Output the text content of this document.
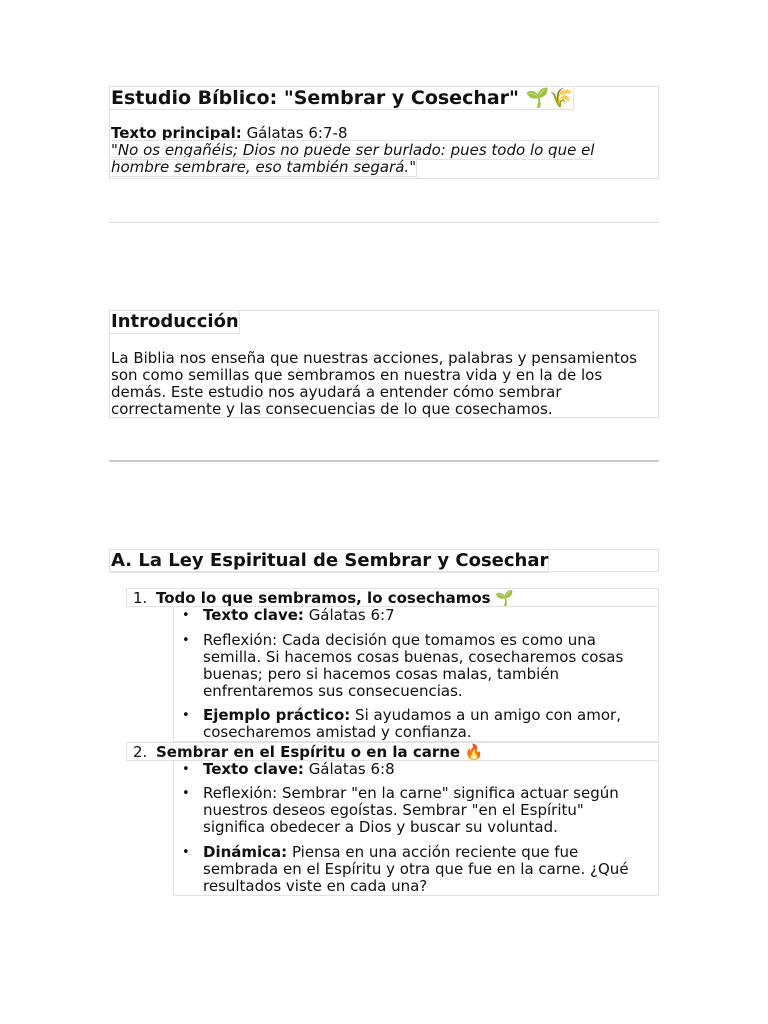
Estudio Bíblico: "Sembrar y Cosechar" 🌱🌾
Texto principal: Gálatas 6:7-8
"No os engañéis; Dios no puede ser burlado: pues todo lo que el hombre sembrare, eso también segará."
Introducción
La Biblia nos enseña que nuestras acciones, palabras y pensamientos son como semillas que sembramos en nuestra vida y en la de los demás. Este estudio nos ayudará a entender cómo sembrar correctamente y las consecuencias de lo que cosechamos.
A. La Ley Espiritual de Sembrar y Cosechar
1. Todo lo que sembramos, lo cosechamos 🌱
• Texto clave: Gálatas 6:7
• Reflexión: Cada decisión que tomamos es como una semilla. Si hacemos cosas buenas, cosecharemos cosas buenas; pero si hacemos cosas malas, también enfrentaremos sus consecuencias.
• Ejemplo práctico: Si ayudamos a un amigo con amor, cosecharemos amistad y confianza.
2. Sembrar en el Espíritu o en la carne 🔥
• Texto clave: Gálatas 6:8
• Reflexión: Sembrar "en la carne" significa actuar según nuestros deseos egoístas. Sembrar "en el Espíritu" significa obedecer a Dios y buscar su voluntad.
• Dinámica: Piensa en una acción reciente que fue sembrada en el Espíritu y otra que fue en la carne. ¿Qué resultados viste en cada una?
